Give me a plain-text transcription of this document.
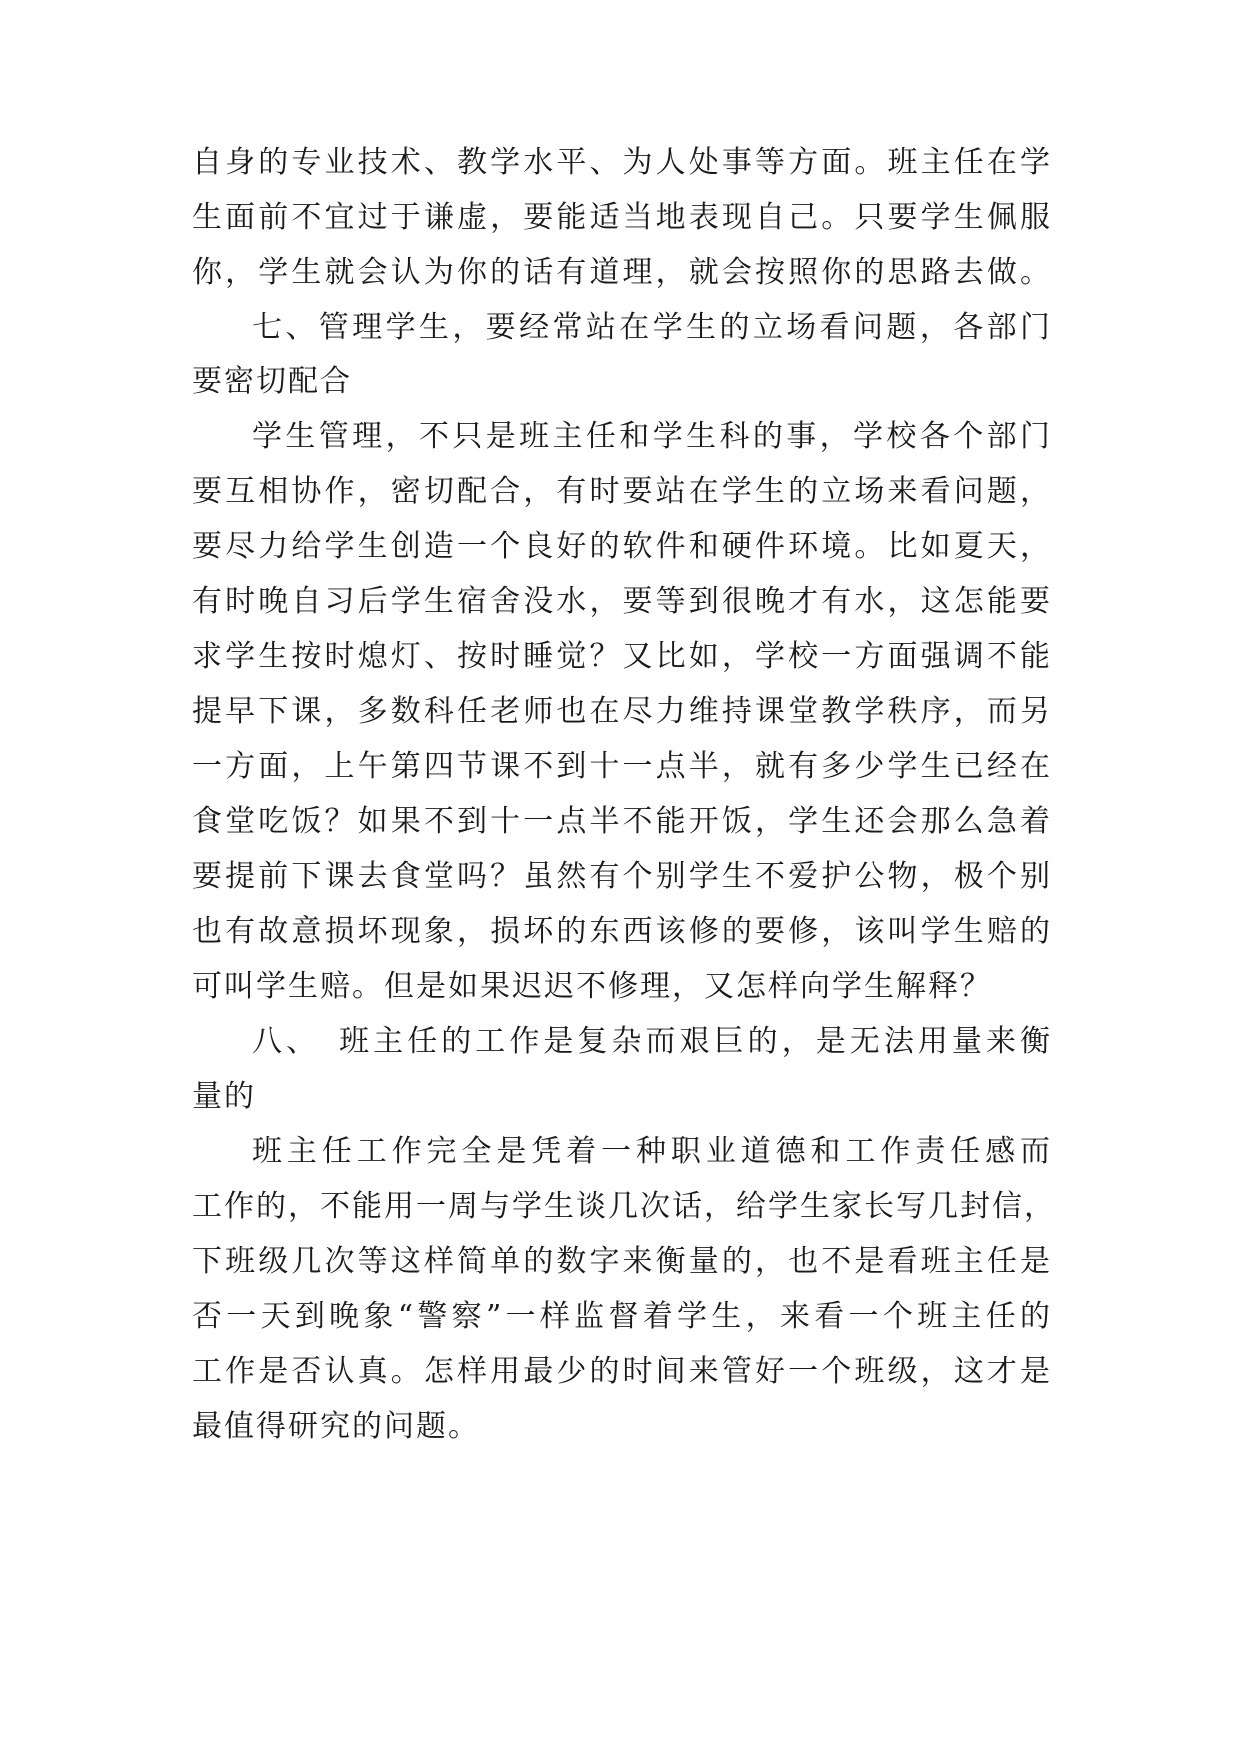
自身的专业技术、教学水平、为人处事等方面。班主任在学
生面前不宜过于谦虚，要能适当地表现自己。只要学生佩服
你，学生就会认为你的话有道理，就会按照你的思路去做。
七、管理学生，要经常站在学生的立场看问题，各部门
要密切配合
学生管理，不只是班主任和学生科的事，学校各个部门
要互相协作，密切配合，有时要站在学生的立场来看问题，
要尽力给学生创造一个良好的软件和硬件环境。比如夏天，
有时晚自习后学生宿舍没水，要等到很晚才有水，这怎能要
求学生按时熄灯、按时睡觉？又比如，学校一方面强调不能
提早下课，多数科任老师也在尽力维持课堂教学秩序，而另
一方面，上午第四节课不到十一点半，就有多少学生已经在
食堂吃饭？如果不到十一点半不能开饭，学生还会那么急着
要提前下课去食堂吗？虽然有个别学生不爱护公物，极个别
也有故意损坏现象，损坏的东西该修的要修，该叫学生赔的
可叫学生赔。但是如果迟迟不修理，又怎样向学生解释？
八、　班主任的工作是复杂而艰巨的，是无法用量来衡
量的
班主任工作完全是凭着一种职业道德和工作责任感而
工作的，不能用一周与学生谈几次话，给学生家长写几封信，
下班级几次等这样简单的数字来衡量的，也不是看班主任是
否一天到晚象“警察”一样监督着学生，来看一个班主任的
工作是否认真。怎样用最少的时间来管好一个班级，这才是
最值得研究的问题。
